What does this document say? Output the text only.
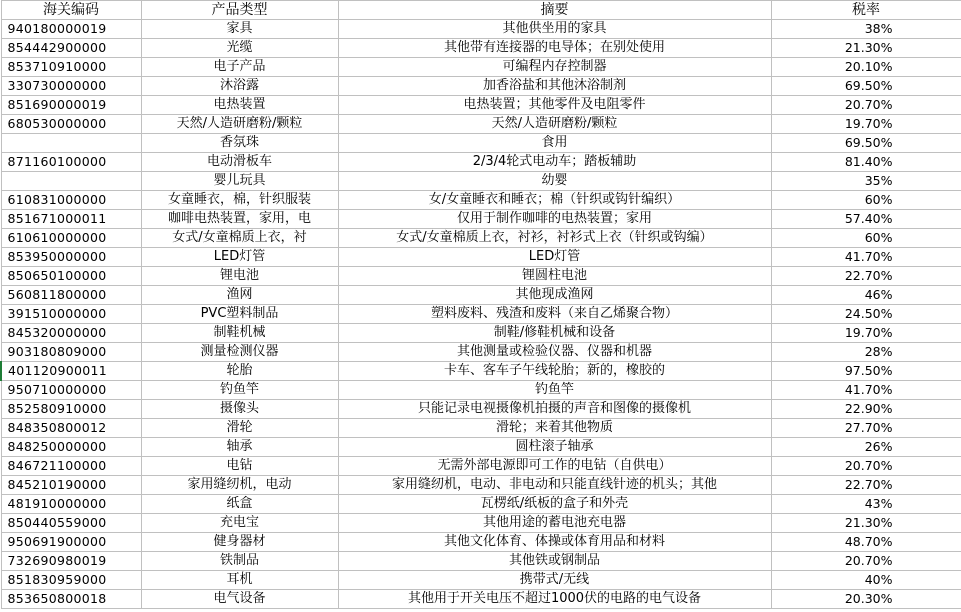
海关编码	产品类型	摘要	税率
940180000019	家具	其他供坐用的家具	38%
854442900000	光缆	其他带有连接器的电导体；在别处使用	21.30%
853710910000	电子产品	可编程内存控制器	20.10%
330730000000	沐浴露	加香浴盐和其他沐浴制剂	69.50%
851690000019	电热装置	电热装置；其他零件及电阻零件	20.70%
680530000000	天然/人造研磨粉/颗粒	天然/人造研磨粉/颗粒	19.70%
	香氛珠	食用	69.50%
871160100000	电动滑板车	2/3/4轮式电动车；踏板辅助	81.40%
	婴儿玩具	幼婴	35%
610831000000	女童睡衣，棉，针织服装	女/女童睡衣和睡衣；棉（针织或钩针编织）	60%
851671000011	咖啡电热装置，家用，电	仅用于制作咖啡的电热装置；家用	57.40%
610610000000	女式/女童棉质上衣，衬	女式/女童棉质上衣，衬衫，衬衫式上衣（针织或钩编）	60%
853950000000	LED灯管	LED灯管	41.70%
850650100000	锂电池	锂圆柱电池	22.70%
560811800000	渔网	其他现成渔网	46%
391510000000	PVC塑料制品	塑料废料、残渣和废料（来自乙烯聚合物）	24.50%
845320000000	制鞋机械	制鞋/修鞋机械和设备	19.70%
903180809000	测量检测仪器	其他测量或检验仪器、仪器和机器	28%
401120900011	轮胎	卡车、客车子午线轮胎；新的，橡胶的	97.50%
950710000000	钓鱼竿	钓鱼竿	41.70%
852580910000	摄像头	只能记录电视摄像机拍摄的声音和图像的摄像机	22.90%
848350800012	滑轮	滑轮；来着其他物质	27.70%
848250000000	轴承	圆柱滚子轴承	26%
846721100000	电钻	无需外部电源即可工作的电钻（自供电）	20.70%
845210190000	家用缝纫机，电动	家用缝纫机，电动、非电动和只能直线针迹的机头；其他	22.70%
481910000000	纸盒	瓦楞纸/纸板的盒子和外壳	43%
850440559000	充电宝	其他用途的蓄电池充电器	21.30%
950691900000	健身器材	其他文化体育、体操或体育用品和材料	48.70%
732690980019	铁制品	其他铁或钢制品	20.70%
851830959000	耳机	携带式/无线	40%
853650800018	电气设备	其他用于开关电压不超过1000伏的电路的电气设备	20.30%
